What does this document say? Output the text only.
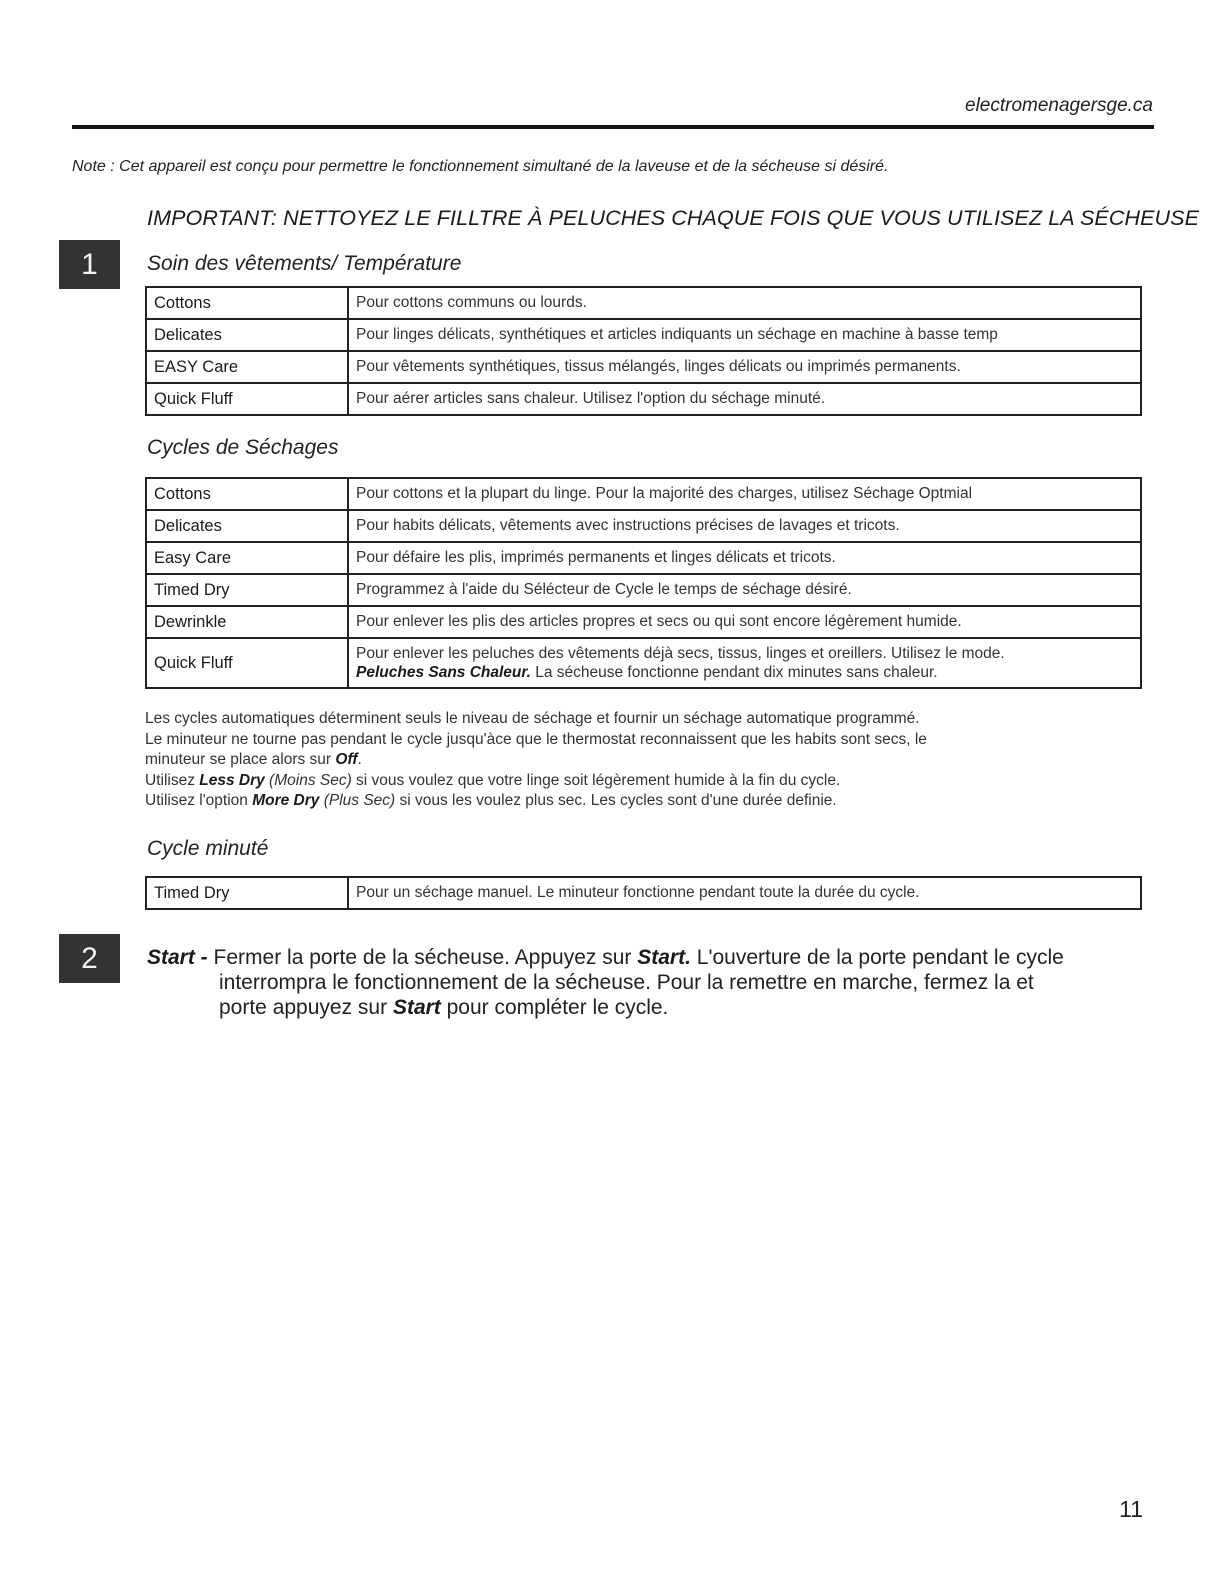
electromenagersge.ca
Note : Cet appareil est conçu pour permettre le fonctionnement simultané de la laveuse et de la sécheuse si désiré.
IMPORTANT: NETTOYEZ LE FILLTRE À PELUCHES CHAQUE FOIS QUE VOUS UTILISEZ LA SÉCHEUSE
1	Soin des vêtements/ Température
Cottons	Pour cottons communs ou lourds.
Delicates	Pour linges délicats, synthétiques et articles indiquants un séchage en machine à basse temp
EASY Care	Pour vêtements synthétiques, tissus mélangés, linges délicats ou imprimés permanents.
Quick Fluff	Pour aérer articles sans chaleur. Utilisez l'option du séchage minuté.
Cycles de Séchages
Cottons	Pour cottons et la plupart du linge. Pour la majorité des charges, utilisez Séchage Optmial
Delicates	Pour habits délicats, vêtements avec instructions précises de lavages et tricots.
Easy Care	Pour défaire les plis, imprimés permanents et linges délicats et tricots.
Timed Dry	Programmez à l'aide du Sélécteur de Cycle le temps de séchage désiré.
Dewrinkle	Pour enlever les plis des articles propres et secs ou qui sont encore légèrement humide.
Quick Fluff	Pour enlever les peluches des vêtements déjà secs, tissus, linges et oreillers. Utilisez le mode.
Peluches Sans Chaleur. La sécheuse fonctionne pendant dix minutes sans chaleur.

Les cycles automatiques déterminent seuls le niveau de séchage et fournir un séchage automatique programmé.

Le minuteur ne tourne pas pendant le cycle jusqu'àce que le thermostat reconnaissent que les habits sont secs, le

minuteur se place alors sur Off.

Utilisez Less Dry (Moins Sec) si vous voulez que votre linge soit légèrement humide à la fin du cycle.

Utilisez l'option More Dry (Plus Sec) si vous les voulez plus sec. Les cycles sont d'une durée definie.

Cycle minuté
Timed Dry	Pour un séchage manuel. Le minuteur fonctionne pendant toute la durée du cycle.
2	Start - Fermer la porte de la sécheuse. Appuyez sur Start. L'ouverture de la porte pendant le cycle

interrompra le fonctionnement de la sécheuse. Pour la remettre en marche, fermez la et

porte appuyez sur Start pour compléter le cycle.

11
